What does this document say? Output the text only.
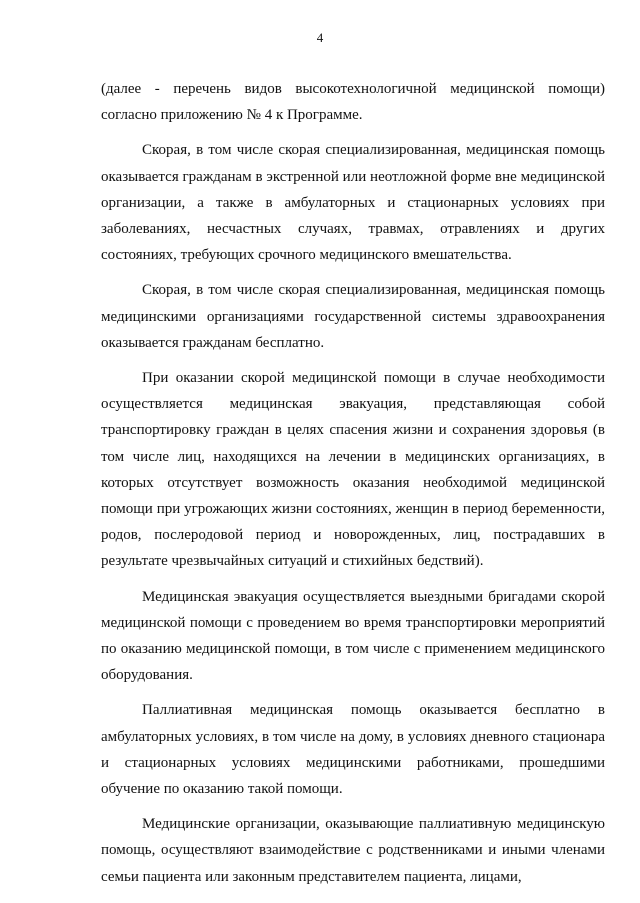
4

(далее - перечень видов высокотехнологичной медицинской помощи) согласно приложению № 4 к Программе.

Скорая, в том числе скорая специализированная, медицинская помощь оказывается гражданам в экстренной или неотложной форме вне медицинской организации, а также в амбулаторных и стационарных условиях при заболеваниях, несчастных случаях, травмах, отравлениях и других состояниях, требующих срочного медицинского вмешательства.

Скорая, в том числе скорая специализированная, медицинская помощь медицинскими организациями государственной системы здравоохранения оказывается гражданам бесплатно.

При оказании скорой медицинской помощи в случае необходимости осуществляется медицинская эвакуация, представляющая собой транспортировку граждан в целях спасения жизни и сохранения здоровья (в том числе лиц, находящихся на лечении в медицинских организациях, в которых отсутствует возможность оказания необходимой медицинской помощи при угрожающих жизни состояниях, женщин в период беременности, родов, послеродовой период и новорожденных, лиц, пострадавших в результате чрезвычайных ситуаций и стихийных бедствий).

Медицинская эвакуация осуществляется выездными бригадами скорой медицинской помощи с проведением во время транспортировки мероприятий по оказанию медицинской помощи, в том числе с применением медицинского оборудования.

Паллиативная медицинская помощь оказывается бесплатно в амбулаторных условиях, в том числе на дому, в условиях дневного стационара и стационарных условиях медицинскими работниками, прошедшими обучение по оказанию такой помощи.

Медицинские организации, оказывающие паллиативную медицинскую помощь, осуществляют взаимодействие с родственниками и иными членами семьи пациента или законным представителем пациента, лицами,
